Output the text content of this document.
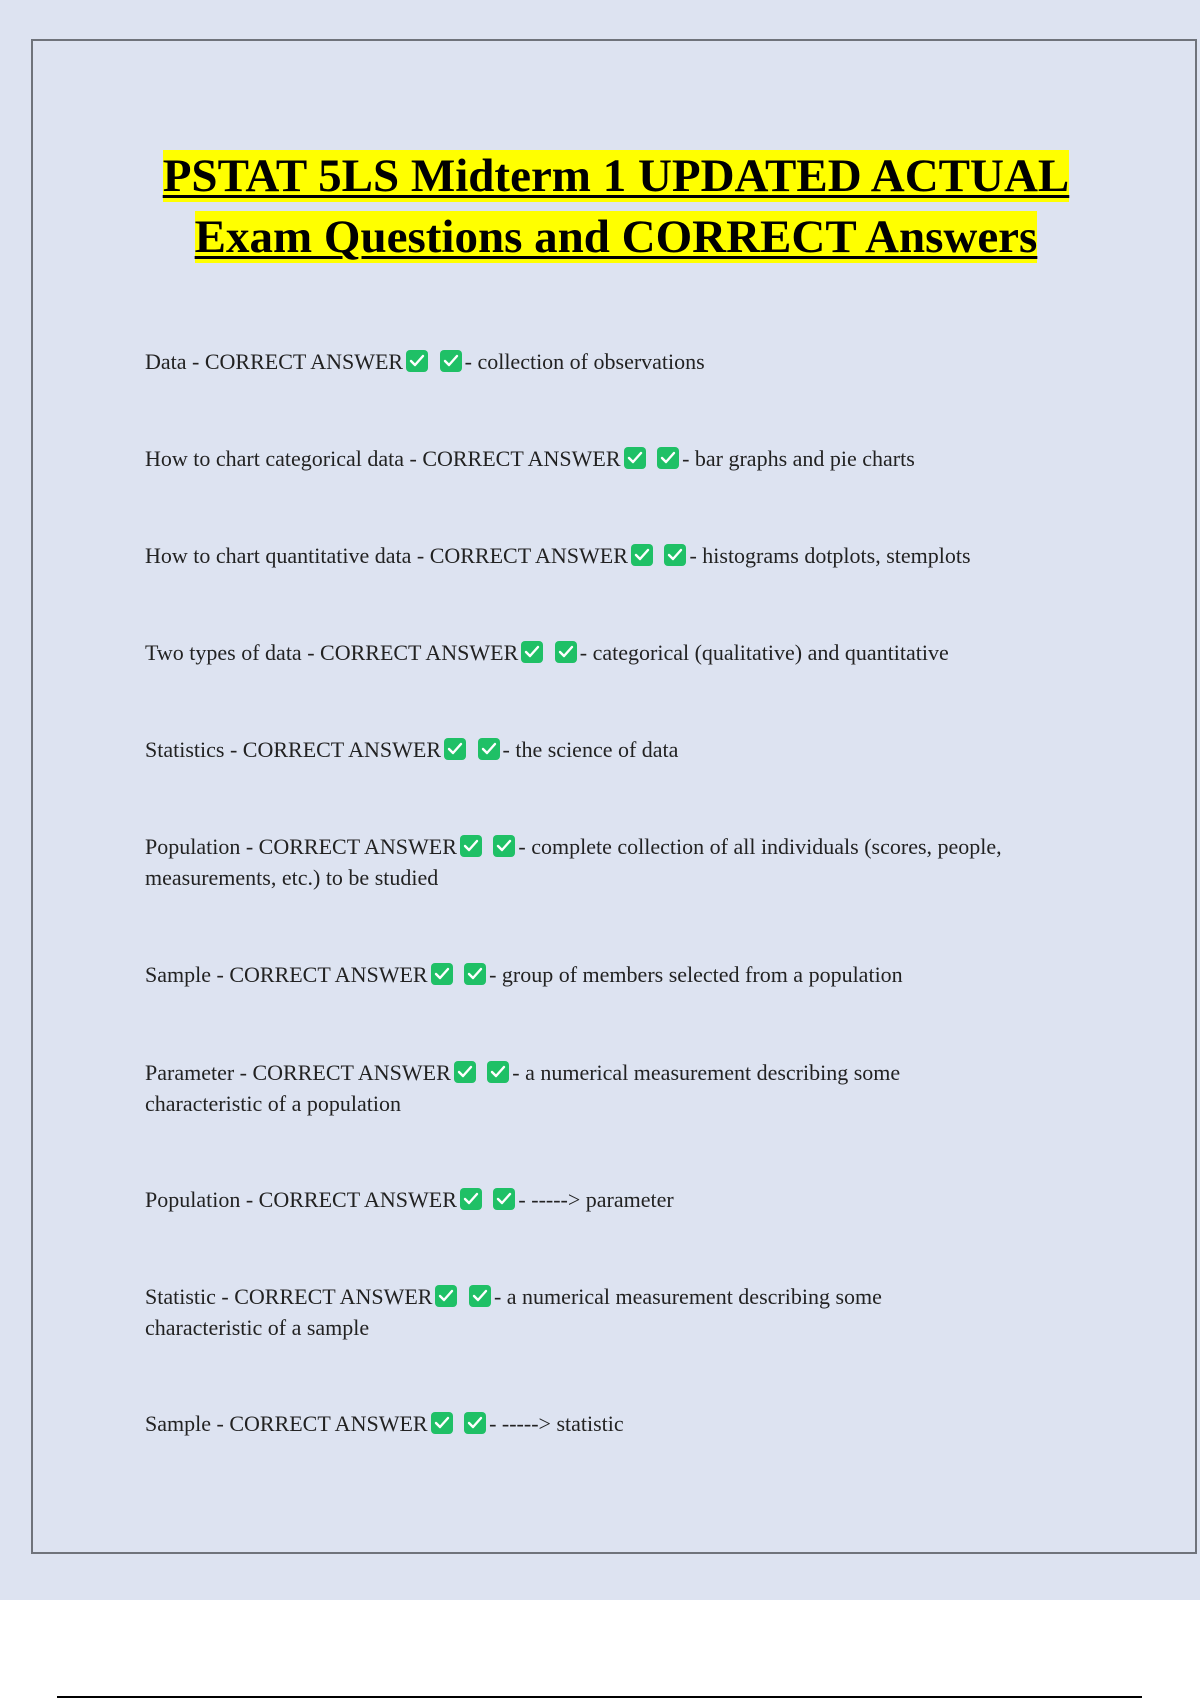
PSTAT 5LS Midterm 1 UPDATED ACTUAL Exam Questions and CORRECT Answers
Data - CORRECT ANSWER
	- collection of observations
How to chart categorical data - CORRECT ANSWER
	- bar graphs and pie charts
How to chart quantitative data - CORRECT ANSWER
	- histograms dotplots, stemplots
Two types of data - CORRECT ANSWER
	- categorical (qualitative) and quantitative
Statistics - CORRECT ANSWER
	- the science of data
Population - CORRECT ANSWER
	- complete collection of all individuals (scores, people, measurements, etc.) to be studied
Sample - CORRECT ANSWER
	- group of members selected from a population
Parameter - CORRECT ANSWER
	- a numerical measurement describing some characteristic of a population
Population - CORRECT ANSWER
	- -----> parameter
Statistic - CORRECT ANSWER
	- a numerical measurement describing some characteristic of a sample
Sample - CORRECT ANSWER
	- -----> statistic
